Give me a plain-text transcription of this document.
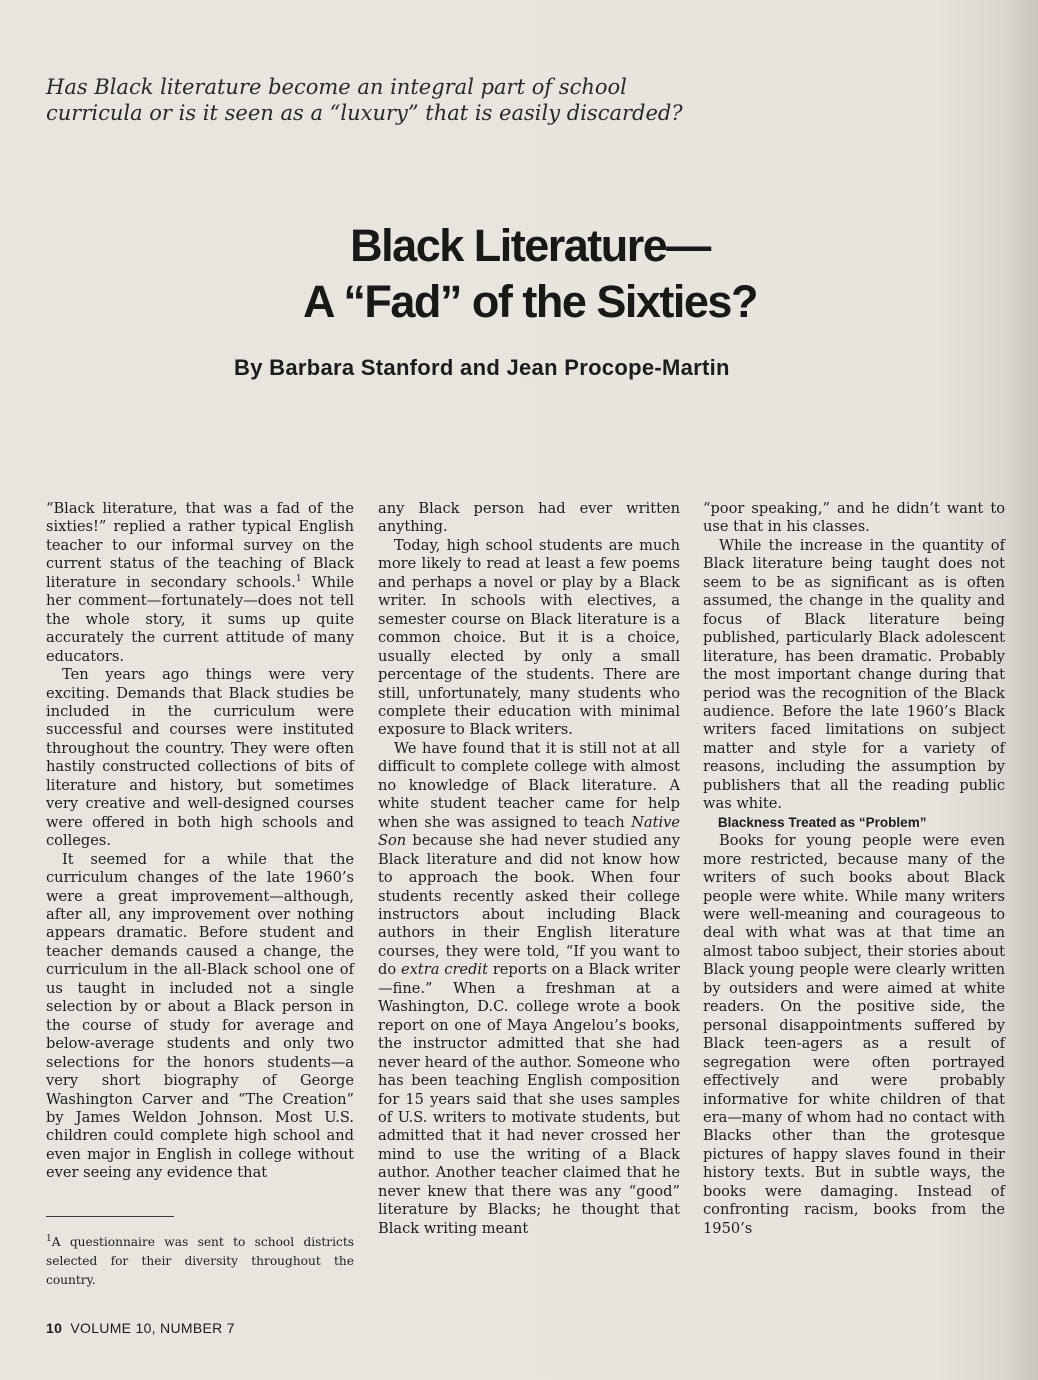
Has Black literature become an integral part of school curricula or is it seen as a “luxury” that is easily discarded?

Black Literature—
A “Fad” of the Sixties?

By Barbara Stanford and Jean Procope-Martin

“Black literature, that was a fad of the sixties!” replied a rather typical English teacher to our informal survey on the current status of the teaching of Black literature in secondary schools.$^1$ While her comment—fortunately—does not tell the whole story, it sums up quite accurately the current attitude of many educators.

Ten years ago things were very exciting. Demands that Black studies be included in the curriculum were successful and courses were instituted throughout the country. They were often hastily constructed collections of bits of literature and history, but sometimes very creative and well-designed courses were offered in both high schools and colleges.

It seemed for a while that the curriculum changes of the late 1960’s were a great improvement—although, after all, any improvement over nothing appears dramatic. Before student and teacher demands caused a change, the curriculum in the all-Black school one of us taught in included not a single selection by or about a Black person in the course of study for average and below-average students and only two selections for the honors students—a very short biography of George Washington Carver and “The Creation” by James Weldon Johnson. Most U.S. children could complete high school and even major in English in college without ever seeing any evidence that

any Black person had ever written anything.

Today, high school students are much more likely to read at least a few poems and perhaps a novel or play by a Black writer. In schools with electives, a semester course on Black literature is a common choice. But it is a choice, usually elected by only a small percentage of the students. There are still, unfortunately, many students who complete their education with minimal exposure to Black writers.

We have found that it is still not at all difficult to complete college with almost no knowledge of Black literature. A white student teacher came for help when she was assigned to teach Native Son because she had never studied any Black literature and did not know how to approach the book. When four students recently asked their college instructors about including Black authors in their English literature courses, they were told, “If you want to do extra credit reports on a Black writer—fine.” When a freshman at a Washington, D.C. college wrote a book report on one of Maya Angelou’s books, the instructor admitted that she had never heard of the author. Someone who has been teaching English composition for 15 years said that she uses samples of U.S. writers to motivate students, but admitted that it had never crossed her mind to use the writing of a Black author. Another teacher claimed that he never knew that there was any “good” literature by Blacks; he thought that Black writing meant

“poor speaking,” and he didn’t want to use that in his classes.

While the increase in the quantity of Black literature being taught does not seem to be as significant as is often assumed, the change in the quality and focus of Black literature being published, particularly Black adolescent literature, has been dramatic. Probably the most important change during that period was the recognition of the Black audience. Before the late 1960’s Black writers faced limitations on subject matter and style for a variety of reasons, including the assumption by publishers that all the reading public was white.

Blackness Treated as “Problem”

Books for young people were even more restricted, because many of the writers of such books about Black people were white. While many writers were well-meaning and courageous to deal with what was at that time an almost taboo subject, their stories about Black young people were clearly written by outsiders and were aimed at white readers. On the positive side, the personal disappointments suffered by Black teen-agers as a result of segregation were often portrayed effectively and were probably informative for white children of that era—many of whom had no contact with Blacks other than the grotesque pictures of happy slaves found in their history texts. But in subtle ways, the books were damaging. Instead of confronting racism, books from the 1950’s

$^1$A questionnaire was sent to school districts selected for their diversity throughout the country.

10 VOLUME 10, NUMBER 7
